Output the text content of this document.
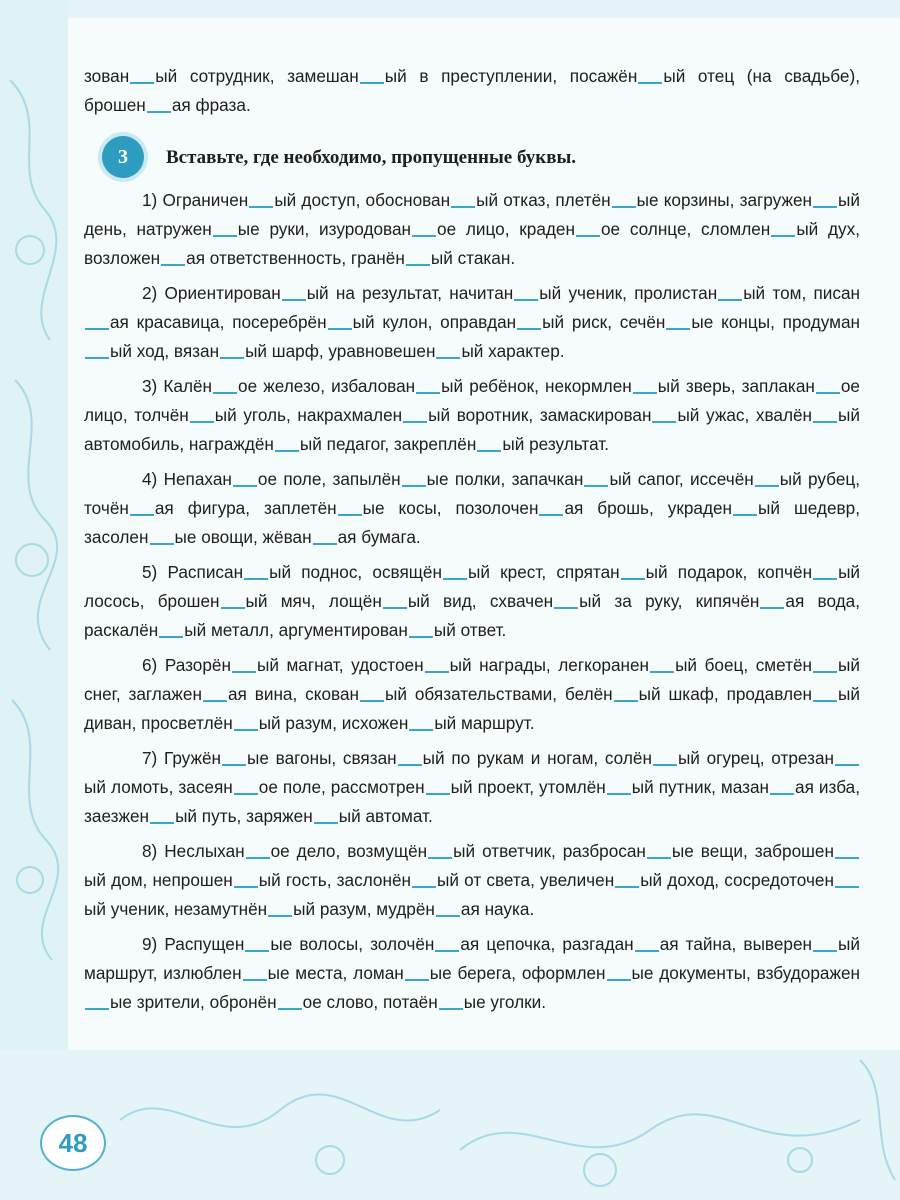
зован ый сотрудник, замешан ый в преступлении, посажён ый отец (на свадьбе), брошен ая фраза.

3	Вставьте, где необходимо, пропущенные буквы.

1) Ограничен ый доступ, обоснован ый отказ, плетён ые корзины, загружен ый день, натружен ые руки, изуродован ое лицо, краден ое солнце, сломлен ый дух, возложен ая ответственность, гранён ый стакан.

2) Ориентирован ый на результат, начитан ый ученик, пролистан ый том, писаная красавица, посеребрён ый кулон, оправдан ый риск, сечён ые концы, продуманый ход, вязан ый шарф, уравновешен ый характер.

3) Калён ое железо, избалован ый ребёнок, некормлен ый зверь, заплакан ое лицо, толчён ый уголь, накрахмален ый воротник, замаскирован ый ужас, хвалён ый автомобиль, награждён ый педагог, закреплён ый результат.

4) Непахан ое поле, запылён ые полки, запачкан ый сапог, иссечён ый рубец, точён ая фигура, заплетён ые косы, позолочен ая брошь, украден ый шедевр, засолен ые овощи, жёван ая бумага.

5) Расписан ый поднос, освящён ый крест, спрятан ый подарок, копчён ый лосось, брошен ый мяч, лощён ый вид, схвачен ый за руку, кипячён ая вода, раскалён ый металл, аргументирован ый ответ.

6) Разорён ый магнат, удостоен ый награды, легкоранен ый боец, сметён ый снег, заглажен ая вина, скован ый обязательствами, белён ый шкаф, продавлен ый диван, просветлён ый разум, исхожен ый маршрут.

7) Гружён ые вагоны, связан ый по рукам и ногам, солён ый огурец, отрезаный ломоть, засеян ое поле, рассмотрен ый проект, утомлён ый путник, мазан ая изба, заезжен ый путь, заряжен ый автомат.

8) Неслыхан ое дело, возмущён ый ответчик, разбросан ые вещи, заброшеный дом, непрошен ый гость, заслонён ый от света, увеличен ый доход, сосредоточеный ученик, незамутнён ый разум, мудрён ая наука.

9) Распущен ые волосы, золочён ая цепочка, разгадан ая тайна, выверен ый маршрут, излюблен ые места, ломан ые берега, оформлен ые документы, взбудораженые зрители, обронён ое слово, потаён ые уголки.

48
